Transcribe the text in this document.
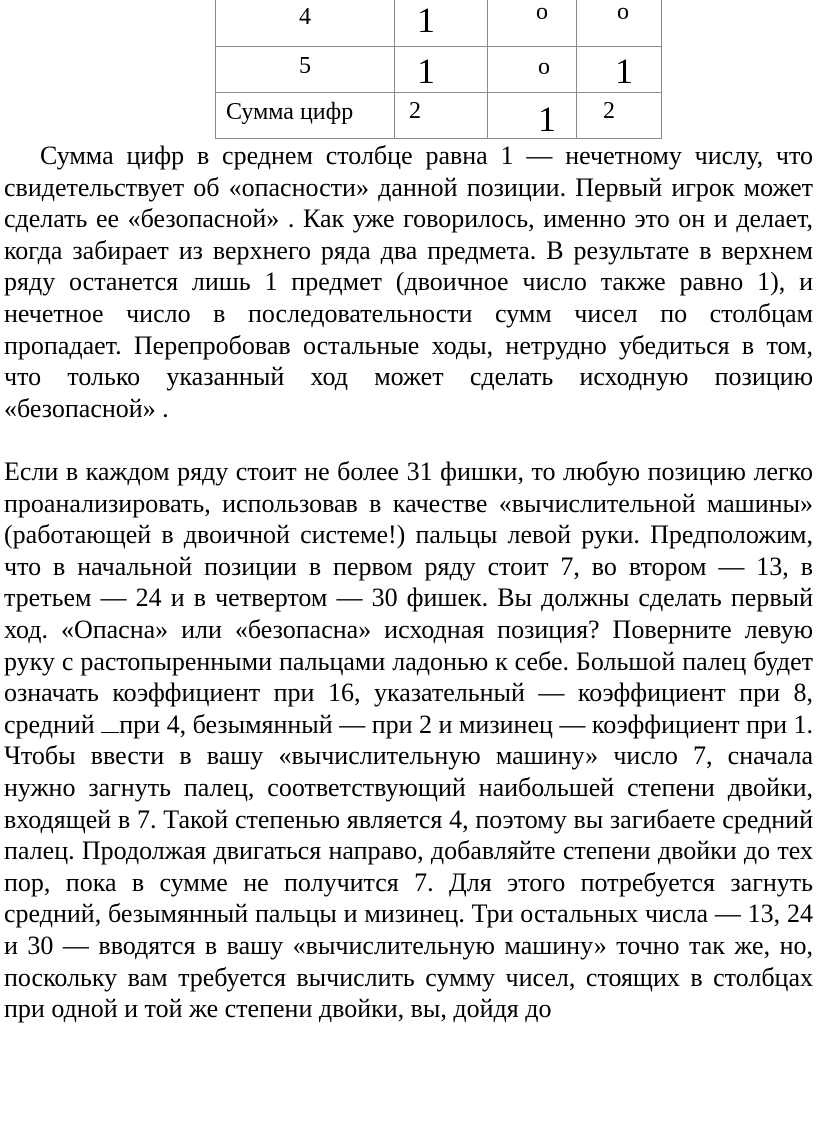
4	1	о	о

5	1	о	1

Сумма цифр	2	1	2

Сумма цифр в среднем столбце равна 1 — нечетному числу, что свидетельствует об «опасности» данной позиции. Первый игрок может сделать ее «безопасной» . Как уже говорилось, именно это он и делает, когда забирает из верхнего ряда два предмета. В результате в верхнем ряду останется лишь 1 предмет (двоичное число также равно 1), и нечетное число в последовательности сумм чисел по столбцам пропадает. Перепробовав остальные ходы, нетрудно убедиться в том, что только указанный ход может сделать исходную позицию «безопасной» .

Если в каждом ряду стоит не более 31 фишки, то любую позицию легко проанализировать, использовав в качестве «вычислительной машины» (работающей в двоичной системе!) пальцы левой руки. Предположим, что в начальной позиции в первом ряду стоит 7, во втором — 13, в третьем — 24 и в четвертом — 30 фишек. Вы должны сделать первый ход. «Опасна» или «безопасна» исходная позиция? Поверните левую руку с растопыренными пальцами ладонью к себе. Большой палец будет означать коэффициент при 16, указательный — коэффициент при 8, средний при 4, безымянный — при 2 и мизинец — коэффициент при 1. Чтобы ввести в вашу «вычислительную машину» число 7, сначала нужно загнуть палец, соответствующий наибольшей степени двойки, входящей в 7. Такой степенью является 4, поэтому вы загибаете средний палец. Продолжая двигаться направо, добавляйте степени двойки до тех пор, пока в сумме не получится 7. Для этого потребуется загнуть средний, безымянный пальцы и мизинец. Три остальных числа — 13, 24 и 30 — вводятся в вашу «вычислительную машину» точно так же, но, поскольку вам требуется вычислить сумму чисел, стоящих в столбцах при одной и той же степени двойки, вы, дойдя до
